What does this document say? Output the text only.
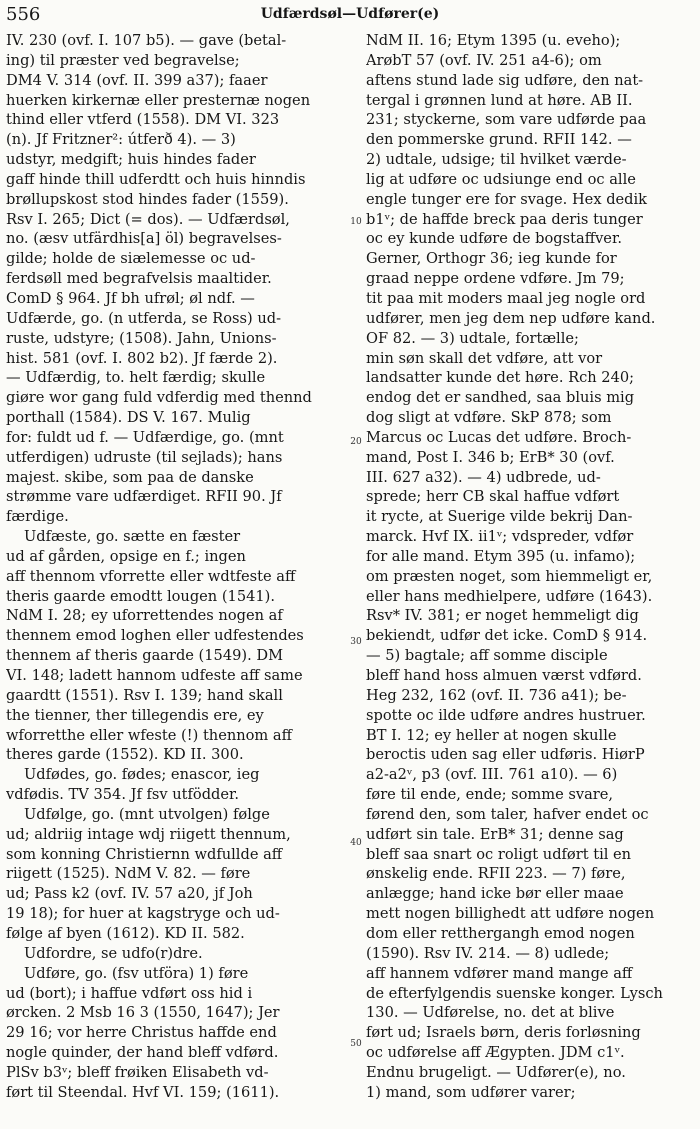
556	Udfærdsøl—Udfører(e)
IV. 230 (ovf. I. 107 b5). — gave (betal-
ing) til præster ved begravelse;
DM4 V. 314 (ovf. II. 399 a37); faaer
huerken kirkernæ eller presternæ nogen
thind eller vtferd (1558). DM VI. 323
(n). Jf Fritzner²: útferð 4). — 3)
udstyr, medgift; huis hindes fader
gaff hinde thill udferdtt och huis hinndis
brøllupskost stod hindes fader (1559).
Rsv I. 265; Dict (= dos). — Udfærdsøl,
no. (æsv utfärdhis[a] öl) begravelses-
gilde; holde de siælemesse oc ud-
ferdsøll med begrafvelsis maaltider.
ComD § 964. Jf bh ufrøl; øl ndf. —
Udfærde, go. (n utferda, se Ross) ud-
ruste, udstyre; (1508). Jahn, Unions-
hist. 581 (ovf. I. 802 b2). Jf færde 2).
— Udfærdig, to. helt færdig; skulle
giøre wor gang fuld vdferdig med thennd
porthall (1584). DS V. 167. Mulig
for: fuldt ud f. — Udfærdige, go. (mnt
utferdigen) udruste (til sejlads); hans
majest. skibe, som paa de danske
strømme vare udfærdiget. RFII 90. Jf
færdige.
Udfæste, go. sætte en fæster
ud af gården, opsige en f.; ingen
aff thennom vforrette eller wdtfeste aff
theris gaarde emodtt lougen (1541).
NdM I. 28; ey uforrettendes nogen af
thennem emod loghen eller udfestendes
thennem af theris gaarde (1549). DM
VI. 148; ladett hannom udfeste aff same
gaardtt (1551). Rsv I. 139; hand skall
the tienner, ther tillegendis ere, ey
wforretthe eller wfeste (!) thennom aff
theres garde (1552). KD II. 300.
Udfødes, go. fødes; enascor, ieg
vdfødis. TV 354. Jf fsv utfödder.
Udfølge, go. (mnt utvolgen) følge
ud; aldriig intage wdj riigett thennum,
som konning Christiernn wdfullde aff
riigett (1525). NdM V. 82. — føre
ud; Pass k2 (ovf. IV. 57 a20, jf Joh
19 18); for huer at kagstryge och ud-
følge af byen (1612). KD II. 582.
Udfordre, se udfo(r)dre.
Udføre, go. (fsv utföra) 1) føre
ud (bort); i haffue vdført oss hid i
ørcken. 2 Msb 16 3 (1550, 1647); Jer
29 16; vor herre Christus haffde end
nogle quinder, der hand bleff vdførd.
PlSv b3ᵛ; bleff frøiken Elisabeth vd-
ført til Steendal. Hvf VI. 159; (1611).
NdM II. 16; Etym 1395 (u. eveho);
ArøbT 57 (ovf. IV. 251 a4-6); om
aftens stund lade sig udføre, den nat-
tergal i grønnen lund at høre. AB II.
231; styckerne, som vare udførde paa
den pommerske grund. RFII 142. —
2) udtale, udsige; til hvilket værde-
lig at udføre oc udsiunge end oc alle
engle tunger ere for svage. Hex dedik
b1ᵛ; de haffde breck paa deris tunger
oc ey kunde udføre de bogstaffver.
Gerner, Orthogr 36; ieg kunde for
graad neppe ordene vdføre. Jm 79;
tit paa mit moders maal jeg nogle ord
udfører, men jeg dem nep udføre kand.
OF 82. — 3) udtale, fortælle;
min søn skall det vdføre, att vor
landsatter kunde det høre. Rch 240;
endog det er sandhed, saa bluis mig
dog sligt at vdføre. SkP 878; som
Marcus oc Lucas det udføre. Broch-
mand, Post I. 346 b; ErB* 30 (ovf.
III. 627 a32). — 4) udbrede, ud-
sprede; herr CB skal haffue vdført
it rycte, at Suerige vilde bekrij Dan-
marck. Hvf IX. ii1ᵛ; vdspreder, vdfør
for alle mand. Etym 395 (u. infamo);
om præsten noget, som hiemmeligt er,
eller hans medhielpere, udføre (1643).
Rsv* IV. 381; er noget hemmeligt dig
bekiendt, udfør det icke. ComD § 914.
— 5) bagtale; aff somme disciple
bleff hand hoss almuen værst vdførd.
Heg 232, 162 (ovf. II. 736 a41); be-
spotte oc ilde udføre andres hustruer.
BT I. 12; ey heller at nogen skulle
beroctis uden sag eller udføris. HiørP
a2-a2ᵛ, p3 (ovf. III. 761 a10). — 6)
føre til ende, ende; somme svare,
førend den, som taler, hafver endet oc
udført sin tale. ErB* 31; denne sag
bleff saa snart oc roligt udført til en
ønskelig ende. RFII 223. — 7) føre,
anlægge; hand icke bør eller maae
mett nogen billighedt att udføre nogen
dom eller retthergangh emod nogen
(1590). Rsv IV. 214. — 8) udlede;
aff hannem vdfører mand mange aff
de efterfylgendis suenske konger. Lysch
130. — Udførelse, no. det at blive
ført ud; Israels børn, deris forløsning
oc udførelse aff Ægypten. JDM c1ᵛ.
Endnu brugeligt. — Udfører(e), no.
1) mand, som udfører varer;
10
20
30
40
50
